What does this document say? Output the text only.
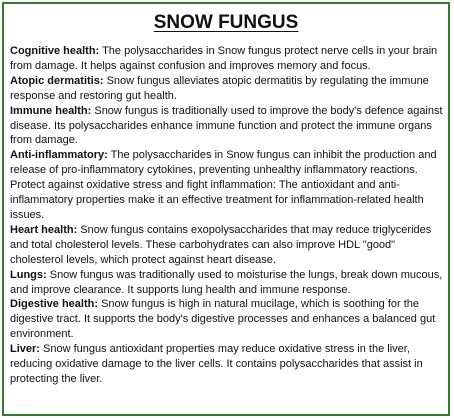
SNOW FUNGUS

Cognitive health: The polysaccharides in Snow fungus protect nerve cells in your brain from damage. It helps against confusion and improves memory and focus.

Atopic dermatitis: Snow fungus alleviates atopic dermatitis by regulating the immune response and restoring gut health.

Immune health: Snow fungus is traditionally used to improve the body's defence against disease. Its polysaccharides enhance immune function and protect the immune organs from damage.

Anti-inflammatory: The polysaccharides in Snow fungus can inhibit the production and release of pro-inflammatory cytokines, preventing unhealthy inflammatory reactions. Protect against oxidative stress and fight inflammation: The antioxidant and anti-inflammatory properties make it an effective treatment for inflammation-related health issues.

Heart health: Snow fungus contains exopolysaccharides that may reduce triglycerides and total cholesterol levels. These carbohydrates can also improve HDL "good" cholesterol levels, which protect against heart disease.

Lungs: Snow fungus was traditionally used to moisturise the lungs, break down mucous, and improve clearance. It supports lung health and immune response.

Digestive health: Snow fungus is high in natural mucilage, which is soothing for the digestive tract. It supports the body's digestive processes and enhances a balanced gut environment.

Liver: Snow fungus antioxidant properties may reduce oxidative stress in the liver, reducing oxidative damage to the liver cells. It contains polysaccharides that assist in protecting the liver.
